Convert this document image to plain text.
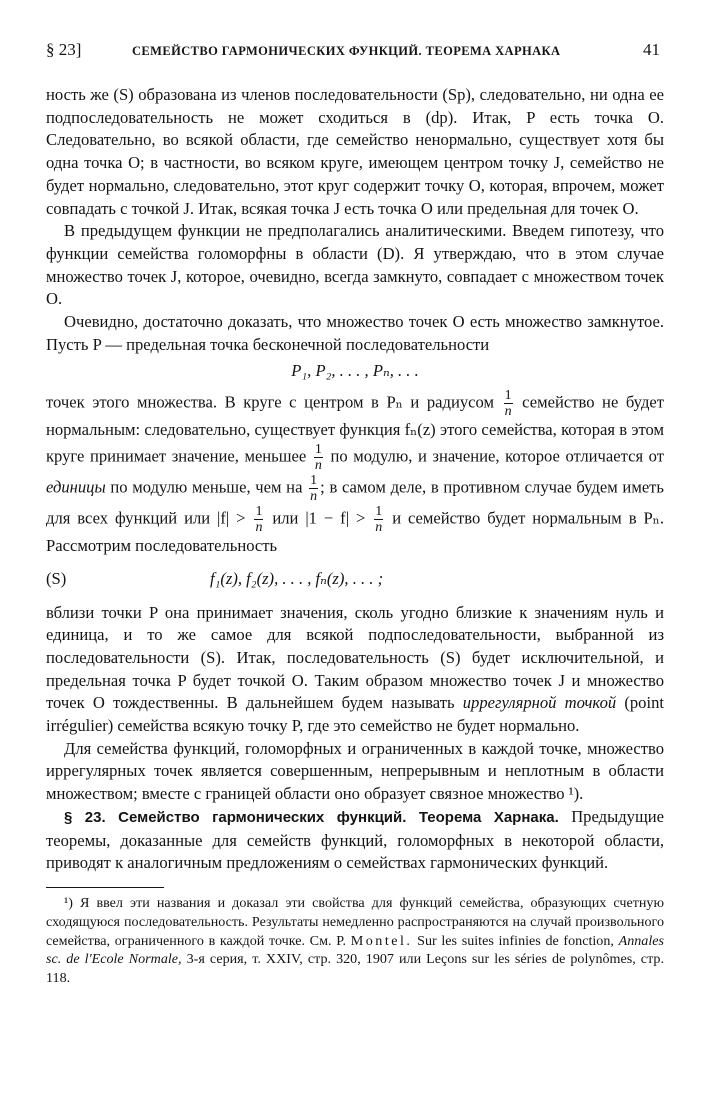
§ 23]	СЕМЕЙСТВО ГАРМОНИЧЕСКИХ ФУНКЦИЙ. ТЕОРЕМА ХАРНАКА	41

ность же (S) образована из членов последовательности (Sp), следовательно, ни одна ее подпоследовательность не может сходиться в (dp). Итак, P есть точка O. Следовательно, во всякой области, где семейство ненормально, существует хотя бы одна точка O; в частности, во всяком круге, имеющем центром точку J, семейство не будет нормально, следовательно, этот круг содержит точку O, которая, впрочем, может совпадать с точкой J. Итак, всякая точка J есть точка O или предельная для точек O.

В предыдущем функции не предполагались аналитическими. Введем гипотезу, что функции семейства голоморфны в области (D). Я утверждаю, что в этом случае множество точек J, которое, очевидно, всегда замкнуто, совпадает с множеством точек O.

Очевидно, достаточно доказать, что множество точек O есть множество замкнутое. Пусть P — предельная точка бесконечной последовательности

P₁, P₂, . . . , Pₙ, . . .

точек этого множества. В круге с центром в Pₙ и радиусом $\frac{1}{n}$ семейство не будет нормальным: следовательно, существует функция fₙ(z) этого семейства, которая в этом круге принимает значение, меньшее $\frac{1}{n}$ по модулю, и значение, которое отличается от единицы по модулю меньше, чем на $\frac{1}{n}$ ; в самом деле, в противном случае будем иметь для всех функций или $|f| > \frac{1}{n}$ или $|1 - f| > \frac{1}{n}$ и семейство будет нормальным в Pₙ. Рассмотрим последовательность

(S)	f₁(z), f₂(z), . . . , fₙ(z), . . . ;

вблизи точки P она принимает значения, сколь угодно близкие к значениям нуль и единица, и то же самое для всякой подпоследовательности, выбранной из последовательности (S). Итак, последовательность (S) будет исключительной, и предельная точка P будет точкой O. Таким образом множество точек J и множество точек O тождественны. В дальнейшем будем называть иррегулярной точкой (point irrégulier) семейства всякую точку P, где это семейство не будет нормально.

Для семейства функций, голоморфных и ограниченных в каждой точке, множество иррегулярных точек является совершенным, непрерывным и неплотным в области множеством; вместе с границей области оно образует связное множество ¹).

§ 23. Семейство гармонических функций. Теорема Харнака. Предыдущие теоремы, доказанные для семейств функций, голоморфных в некоторой области, приводят к аналогичным предложениям о семействах гармонических функций.

¹) Я ввел эти названия и доказал эти свойства для функций семейства, образующих счетную сходящуюся последовательность. Результаты немедленно распространяются на случай произвольного семейства, ограниченного в каждой точке. См. P. Montel. Sur les suites infinies de fonction, Annales sc. de l'Ecole Normale, 3-я серия, т. XXIV, стр. 320, 1907 или Leçons sur les séries de polynômes, стр. 118.
